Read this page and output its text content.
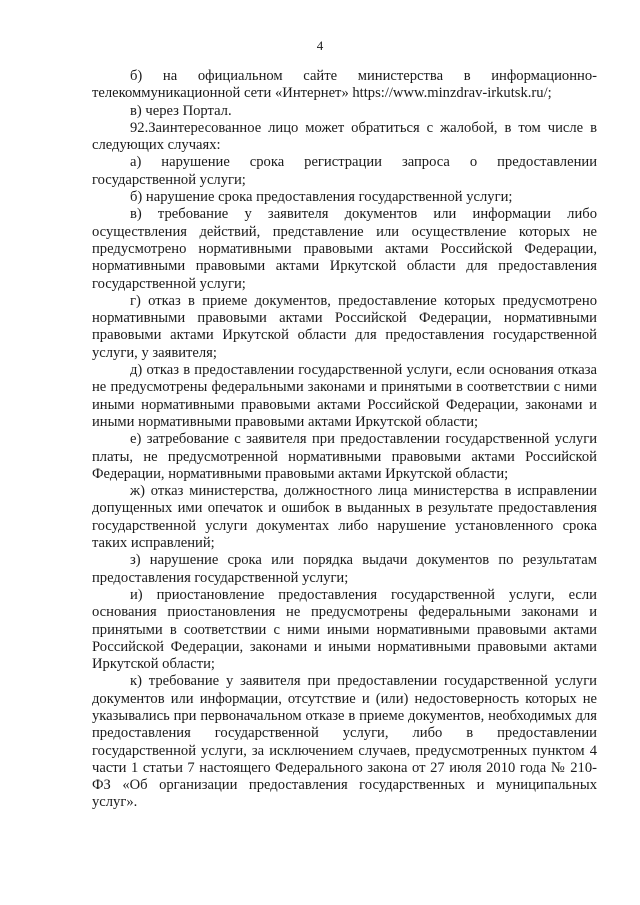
4

б) на официальном сайте министерства в информационно-телекоммуникационной сети «Интернет» https://www.minzdrav-irkutsk.ru/;

в) через Портал.

92.Заинтересованное лицо может обратиться с жалобой, в том числе в следующих случаях:

а) нарушение срока регистрации запроса о предоставлении государственной услуги;

б) нарушение срока предоставления государственной услуги;

в) требование у заявителя документов или информации либо осуществления действий, представление или осуществление которых не предусмотрено нормативными правовыми актами Российской Федерации, нормативными правовыми актами Иркутской области для предоставления государственной услуги;

г) отказ в приеме документов, предоставление которых предусмотрено нормативными правовыми актами Российской Федерации, нормативными правовыми актами Иркутской области для предоставления государственной услуги, у заявителя;

д) отказ в предоставлении государственной услуги, если основания отказа не предусмотрены федеральными законами и принятыми в соответствии с ними иными нормативными правовыми актами Российской Федерации, законами и иными нормативными правовыми актами Иркутской области;

е) затребование с заявителя при предоставлении государственной услуги платы, не предусмотренной нормативными правовыми актами Российской Федерации, нормативными правовыми актами Иркутской области;

ж) отказ министерства, должностного лица министерства в исправлении допущенных ими опечаток и ошибок в выданных в результате предоставления государственной услуги документах либо нарушение установленного срока таких исправлений;

з) нарушение срока или порядка выдачи документов по результатам предоставления государственной услуги;

и) приостановление предоставления государственной услуги, если основания приостановления не предусмотрены федеральными законами и принятыми в соответствии с ними иными нормативными правовыми актами Российской Федерации, законами и иными нормативными правовыми актами Иркутской области;

к) требование у заявителя при предоставлении государственной услуги документов или информации, отсутствие и (или) недостоверность которых не указывались при первоначальном отказе в приеме документов, необходимых для предоставления государственной услуги, либо в предоставлении государственной услуги, за исключением случаев, предусмотренных пунктом 4 части 1 статьи 7 настоящего Федерального закона от 27 июля 2010 года № 210-ФЗ «Об организации предоставления государственных и муниципальных услуг».
